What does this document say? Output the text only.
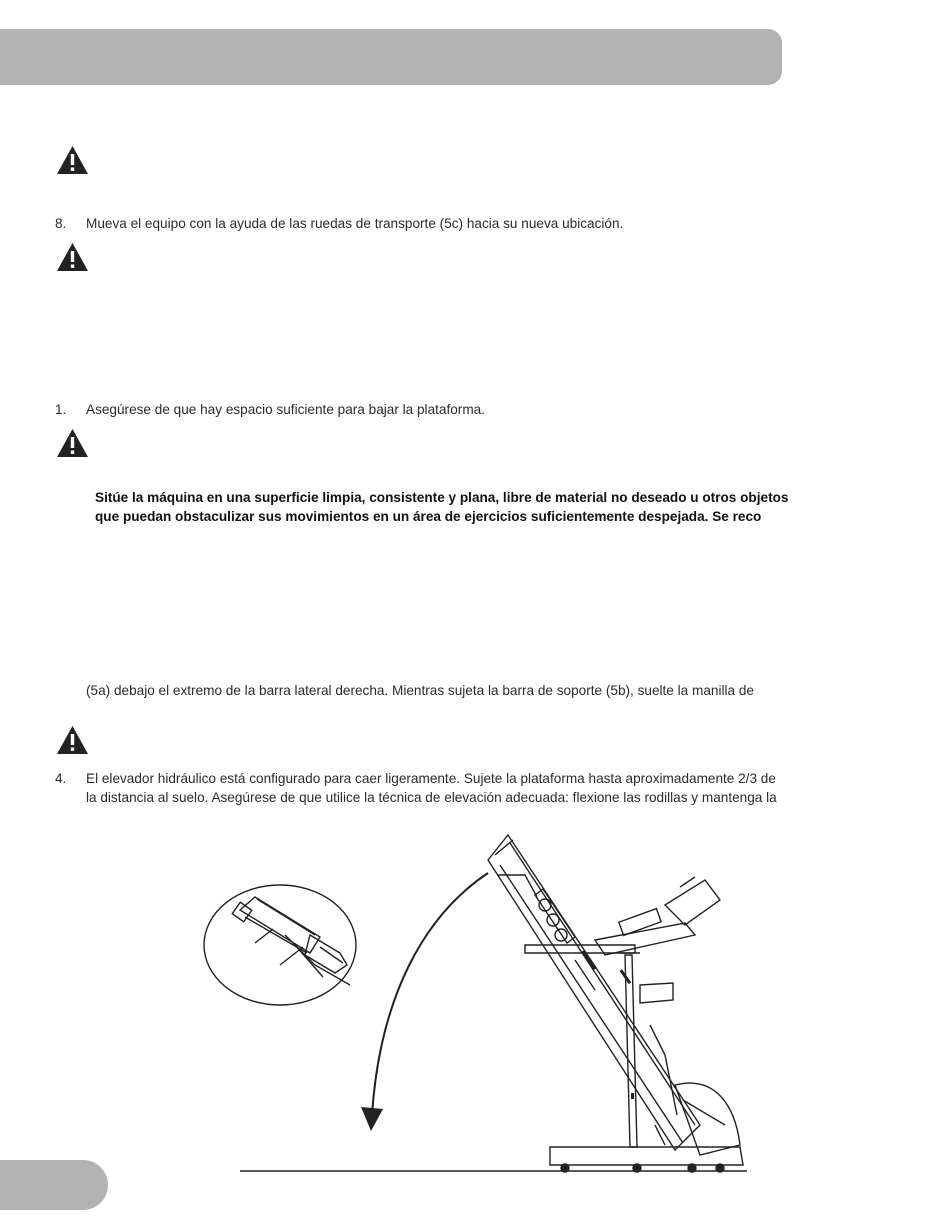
8. Mueva el equipo con la ayuda de las ruedas de transporte (5c) hacia su nueva ubicación.
1. Asegúrese de que hay espacio suficiente para bajar la plataforma.
Sitúe la máquina en una superficie limpia, consistente y plana, libre de material no deseado u otros objetos
que puedan obstaculizar sus movimientos en un área de ejercicios suficientemente despejada. Se reco
(5a) debajo el extremo de la barra lateral derecha. Mientras sujeta la barra de soporte (5b), suelte la manilla de
4. El elevador hidráulico está configurado para caer ligeramente. Sujete la plataforma hasta aproximadamente 2/3 de
la distancia al suelo. Asegúrese de que utilice la técnica de elevación adecuada: flexione las rodillas y mantenga la
